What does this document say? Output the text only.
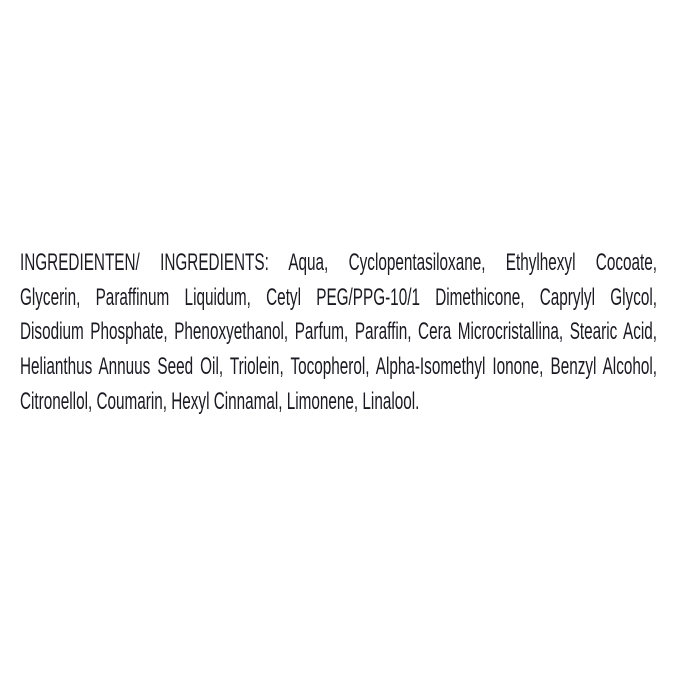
INGREDIENTEN/ INGREDIENTS: Aqua, Cyclopentasiloxane, Ethylhexyl Cocoate,

Glycerin, Paraffinum Liquidum, Cetyl PEG/PPG-10/1 Dimethicone, Caprylyl Glycol,

Disodium Phosphate, Phenoxyethanol, Parfum, Paraffin, Cera Microcristallina, Stearic Acid,

Helianthus Annuus Seed Oil, Triolein, Tocopherol, Alpha-Isomethyl Ionone, Benzyl Alcohol,

Citronellol, Coumarin, Hexyl Cinnamal, Limonene, Linalool.
